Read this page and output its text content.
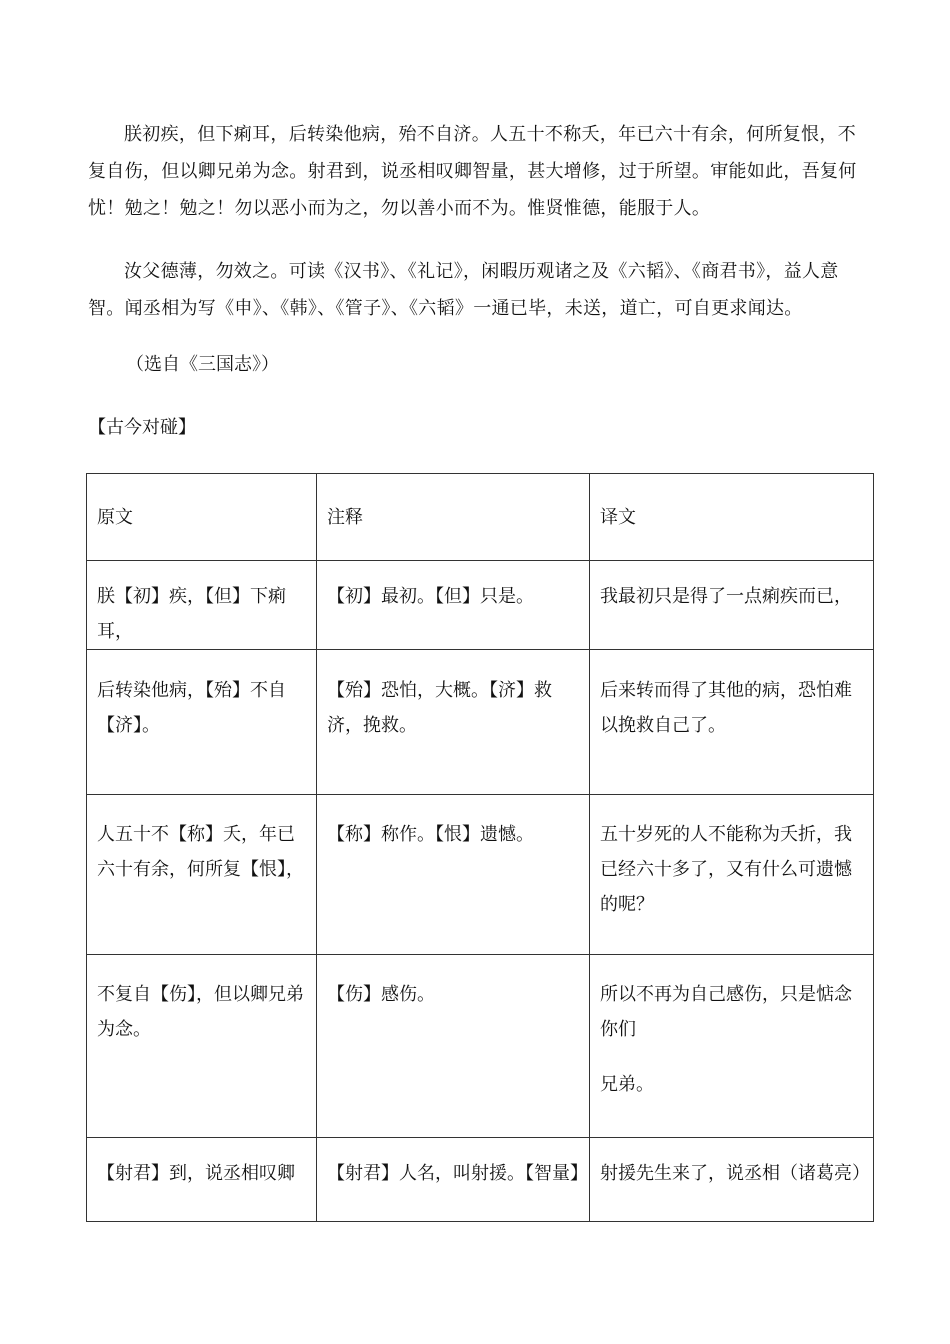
朕初疾，但下痢耳，后转染他病，殆不自济。人五十不称夭，年已六十有余，何所复恨，不复自伤，但以卿兄弟为念。射君到，说丞相叹卿智量，甚大增修，过于所望。审能如此，吾复何忧！勉之！勉之！勿以恶小而为之，勿以善小而不为。惟贤惟德，能服于人。

汝父德薄，勿效之。可读《汉书》、《礼记》，闲暇历观诸之及《六韬》、《商君书》，益人意智。闻丞相为写《申》、《韩》、《管子》、《六韬》一通已毕，未送，道亡，可自更求闻达。

（选自《三国志》）

【古今对碰】

原文	注释	译文
朕【初】疾，【但】下痢耳，	【初】最初。【但】只是。	我最初只是得了一点痢疾而已，
后转染他病，【殆】不自【济】。	【殆】恐怕，大概。【济】救济，挽救。	后来转而得了其他的病，恐怕难以挽救自己了。
人五十不【称】夭，年已六十有余，何所复【恨】，	【称】称作。【恨】遗憾。	五十岁死的人不能称为夭折，我已经六十多了，又有什么可遗憾的呢？
不复自【伤】，但以卿兄弟为念。	【伤】感伤。	所以不再为自己感伤，只是惦念你们
兄弟。

【射君】到，说丞相叹卿	【射君】人名，叫射援。【智量】	射援先生来了，说丞相（诸葛亮）
